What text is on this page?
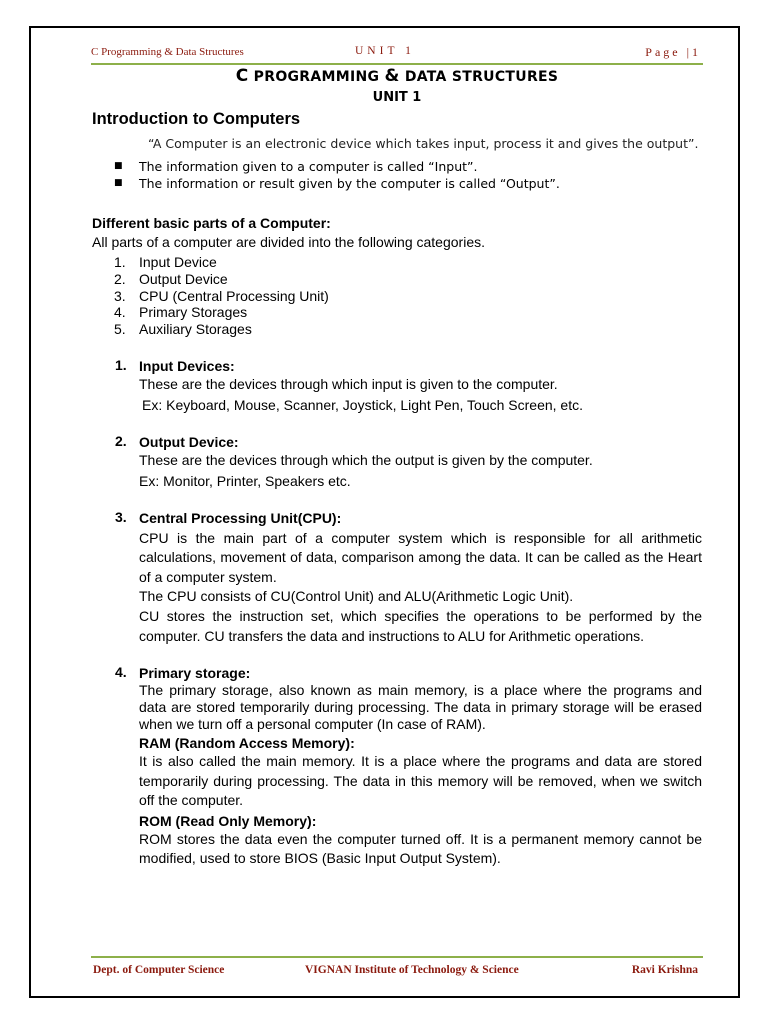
C Programming & Data Structures	UNIT 1	Page |1
C PROGRAMMING & DATA STRUCTURES
UNIT 1
Introduction to Computers

“A Computer is an electronic device which takes input, process it and gives the output”.

■ The information given to a computer is called “Input”.
■ The information or result given by the computer is called “Output”.
Different basic parts of a Computer:

All parts of a computer are divided into the following categories.

1. Input Device
2. Output Device
3. CPU (Central Processing Unit)
4. Primary Storages
5. Auxiliary Storages
1. Input Devices:

These are the devices through which input is given to the computer.

Ex: Keyboard, Mouse, Scanner, Joystick, Light Pen, Touch Screen, etc.

2. Output Device:

These are the devices through which the output is given by the computer.

Ex: Monitor, Printer, Speakers etc.

3. Central Processing Unit(CPU):

CPU is the main part of a computer system which is responsible for all arithmetic calculations, movement of data, comparison among the data. It can be called as the Heart of a computer system.

The CPU consists of CU(Control Unit) and ALU(Arithmetic Logic Unit).

CU stores the instruction set, which specifies the operations to be performed by the computer. CU transfers the data and instructions to ALU for Arithmetic operations.

4. Primary storage:

The primary storage, also known as main memory, is a place where the programs and data are stored temporarily during processing. The data in primary storage will be erased when we turn off a personal computer (In case of RAM).

RAM (Random Access Memory):

It is also called the main memory. It is a place where the programs and data are stored temporarily during processing. The data in this memory will be removed, when we switch off the computer.

ROM (Read Only Memory):

ROM stores the data even the computer turned off. It is a permanent memory cannot be modified, used to store BIOS (Basic Input Output System).

Dept. of Computer Science	VIGNAN Institute of Technology & Science	Ravi Krishna
